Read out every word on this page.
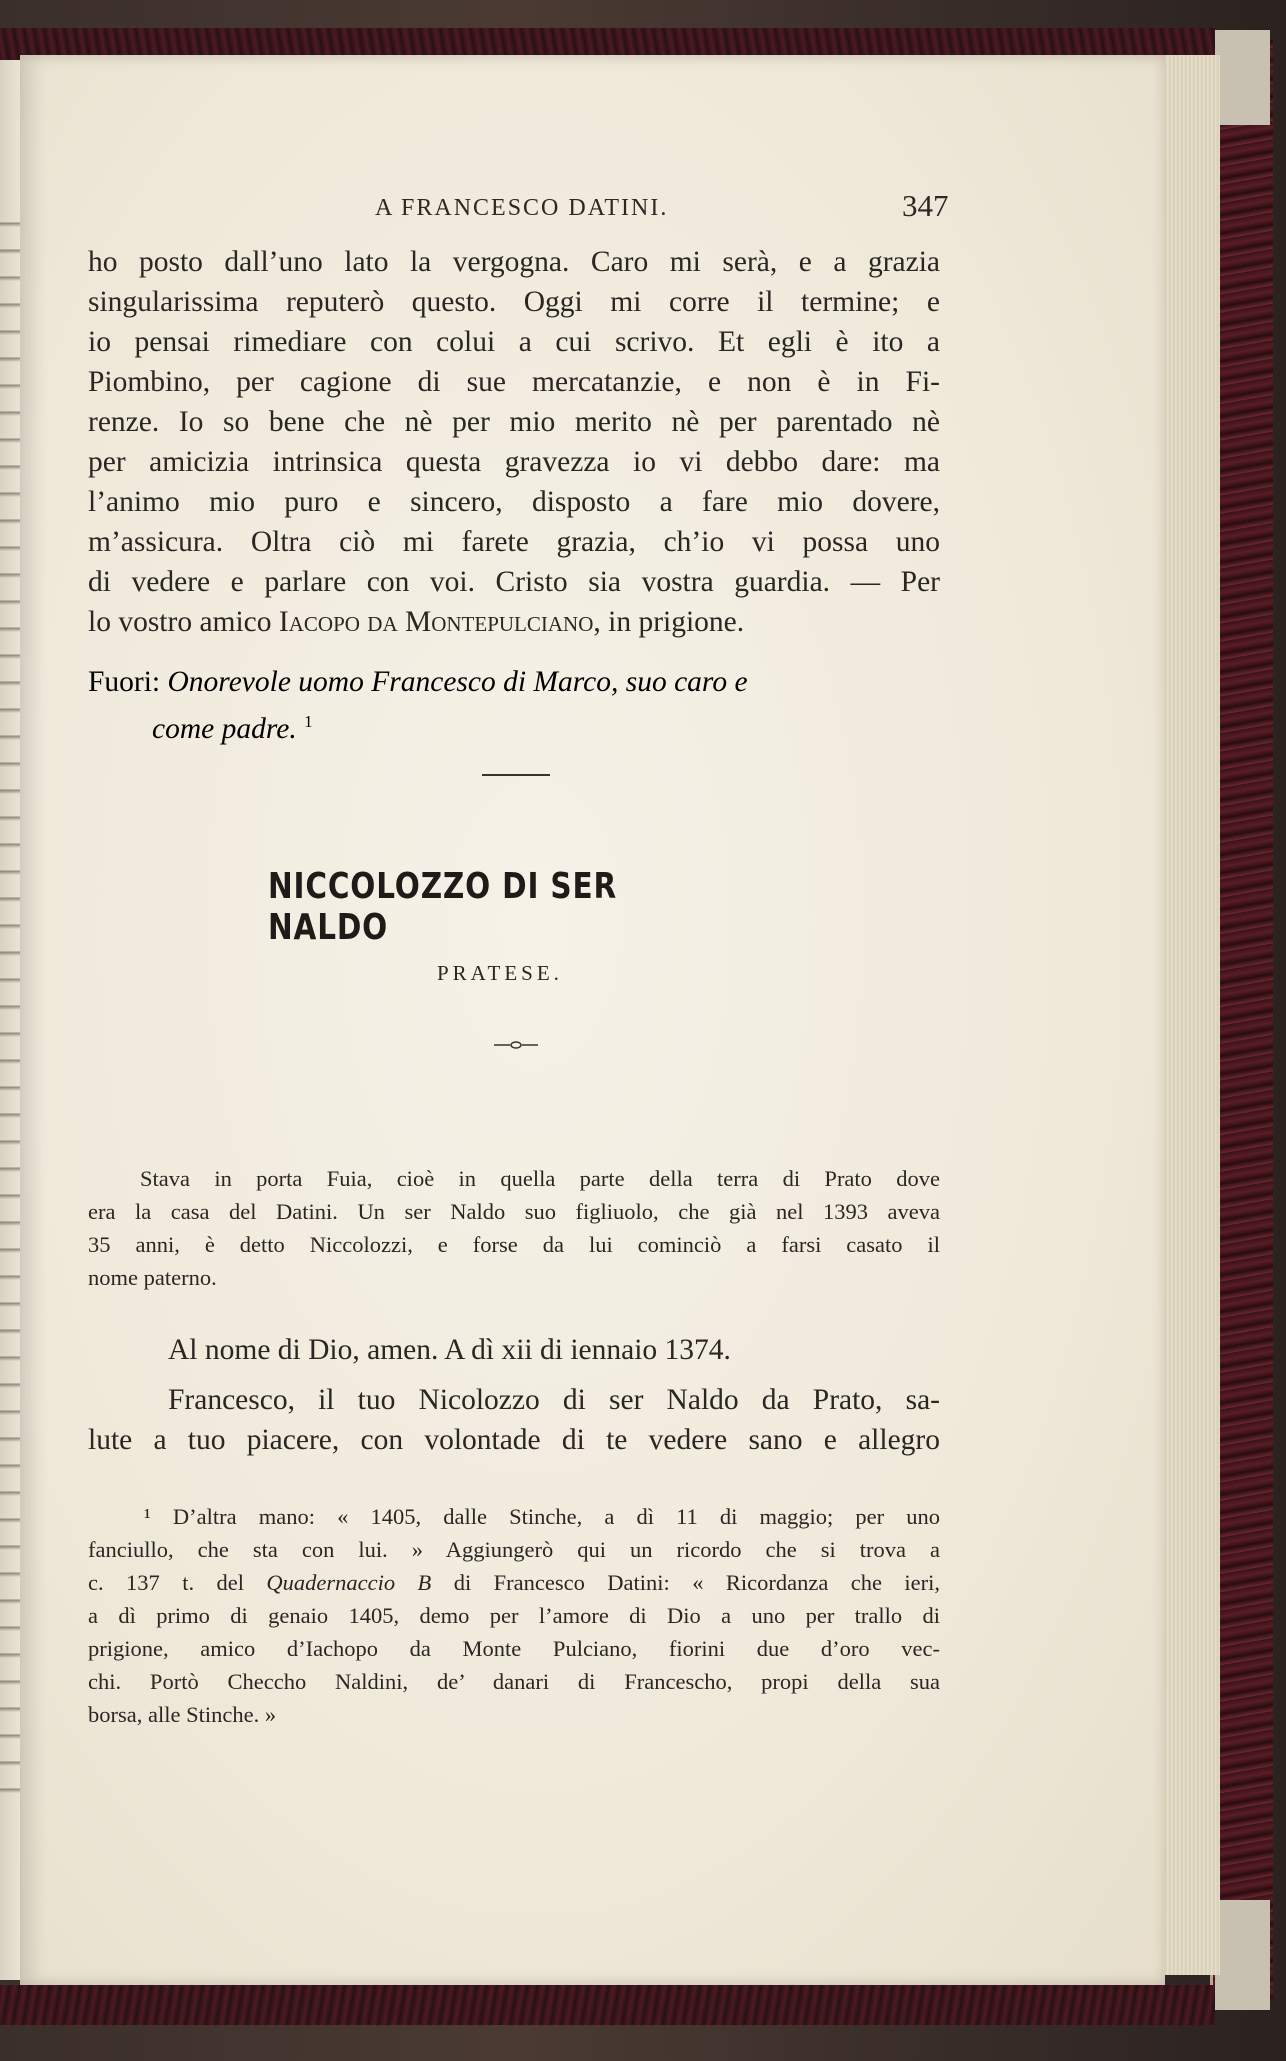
A FRANCESCO DATINI.	347
ho posto dall’uno lato la vergogna. Caro mi serà, e a grazia
singularissima reputerò questo. Oggi mi corre il termine; e
io pensai rimediare con colui a cui scrivo. Et egli è ito a
Piombino, per cagione di sue mercatanzie, e non è in Fi-
renze. Io so bene che nè per mio merito nè per parentado nè
per amicizia intrinsica questa gravezza io vi debbo dare: ma
l’animo mio puro e sincero, disposto a fare mio dovere,
m’assicura. Oltra ciò mi farete grazia, ch’io vi possa uno
di vedere e parlare con voi. Cristo sia vostra guardia. — Per
lo vostro amico Iacopo da Montepulciano, in prigione.
Fuori: Onorevole uomo Francesco di Marco, suo caro e
come padre. $^1$
NICCOLOZZO DI SER NALDO
PRATESE.
Stava in porta Fuia, cioè in quella parte della terra di Prato dove
era la casa del Datini. Un ser Naldo suo figliuolo, che già nel 1393 aveva
35 anni, è detto Niccolozzi, e forse da lui cominciò a farsi casato il
nome paterno.
Al nome di Dio, amen. A dì xii di iennaio 1374.
Francesco, il tuo Nicolozzo di ser Naldo da Prato, sa-
lute a tuo piacere, con volontade di te vedere sano e allegro
¹ D’altra mano: « 1405, dalle Stinche, a dì 11 di maggio; per uno
fanciullo, che sta con lui. » Aggiungerò qui un ricordo che si trova a
c. 137 t. del Quadernaccio B di Francesco Datini: « Ricordanza che ieri,
a dì primo di genaio 1405, demo per l’amore di Dio a uno per trallo di
prigione, amico d’Iachopo da Monte Pulciano, fiorini due d’oro vec-
chi. Portò Checcho Naldini, de’ danari di Franceschо, propi della sua
borsa, alle Stinche. »
